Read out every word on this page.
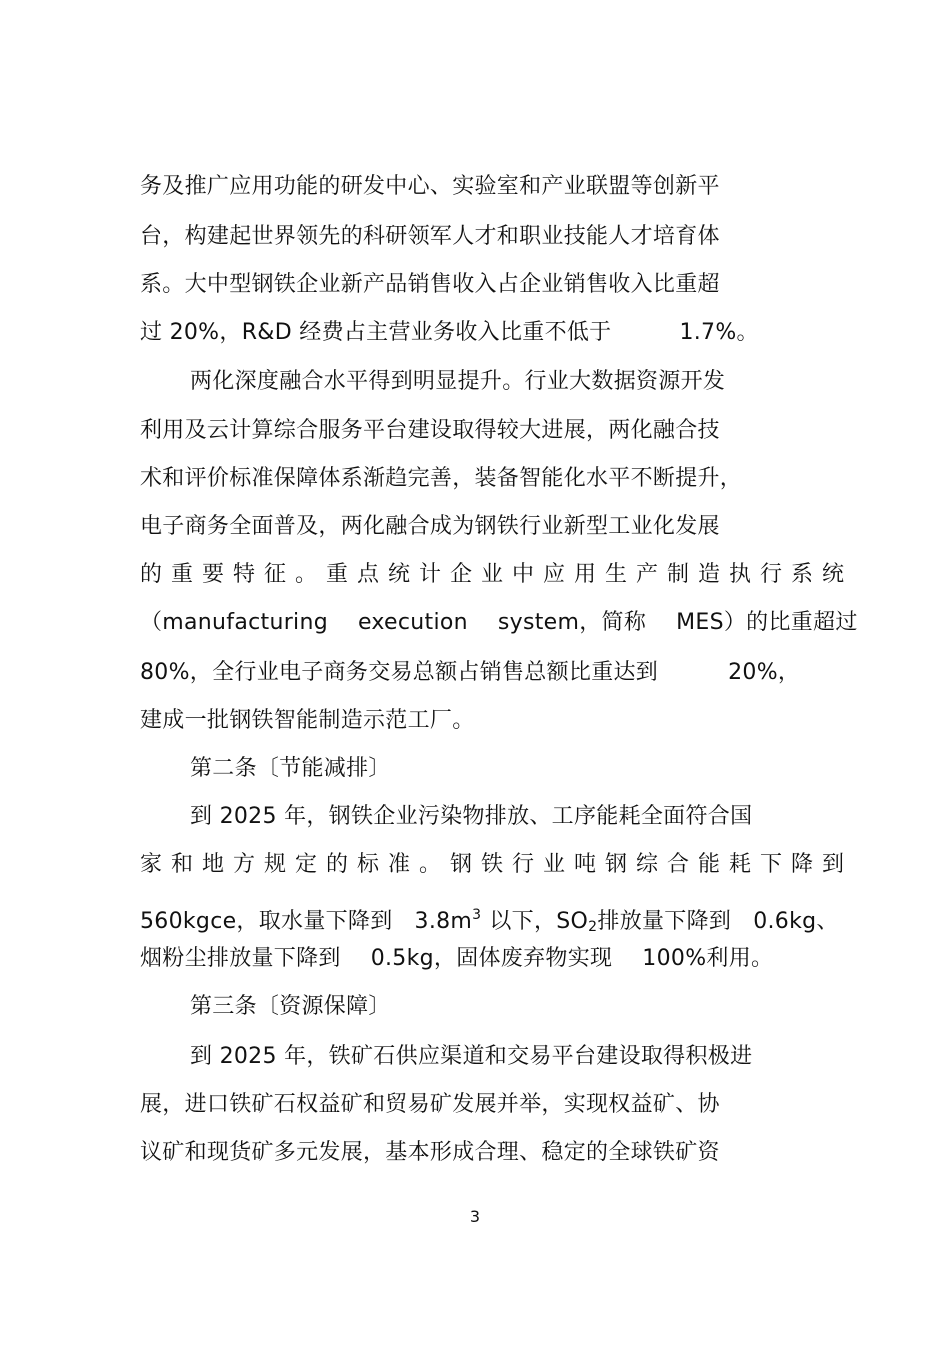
务及推广应用功能的研发中心、实验室和产业联盟等创新平
台，构建起世界领先的科研领军人才和职业技能人才培育体
系。大中型钢铁企业新产品销售收入占企业销售收入比重超
过 20%，R&D 经费占主营业务收入比重不低于	1.7%。
两化深度融合水平得到明显提升。行业大数据资源开发
利用及云计算综合服务平台建设取得较大进展，两化融合技
术和评价标准保障体系渐趋完善，装备智能化水平不断提升，
电子商务全面普及，两化融合成为钢铁行业新型工业化发展
的重要特征。重点统计企业中应用生产制造执行系统
（manufacturing execution system，简称 MES）的比重超过
80%，全行业电子商务交易总额占销售总额比重达到	20%，
建成一批钢铁智能制造示范工厂。
第二条〔节能减排〕
到 2025 年，钢铁企业污染物排放、工序能耗全面符合国
家和地方规定的标准。钢铁行业吨钢综合能耗下降到
560kgce，取水量下降到 $3.8m^3$ 以下，$SO_2$排放量下降到 0.6kg、
烟粉尘排放量下降到 0.5kg，固体废弃物实现 100%利用。
第三条〔资源保障〕
到 2025 年，铁矿石供应渠道和交易平台建设取得积极进
展，进口铁矿石权益矿和贸易矿发展并举，实现权益矿、协
议矿和现货矿多元发展，基本形成合理、稳定的全球铁矿资
3
